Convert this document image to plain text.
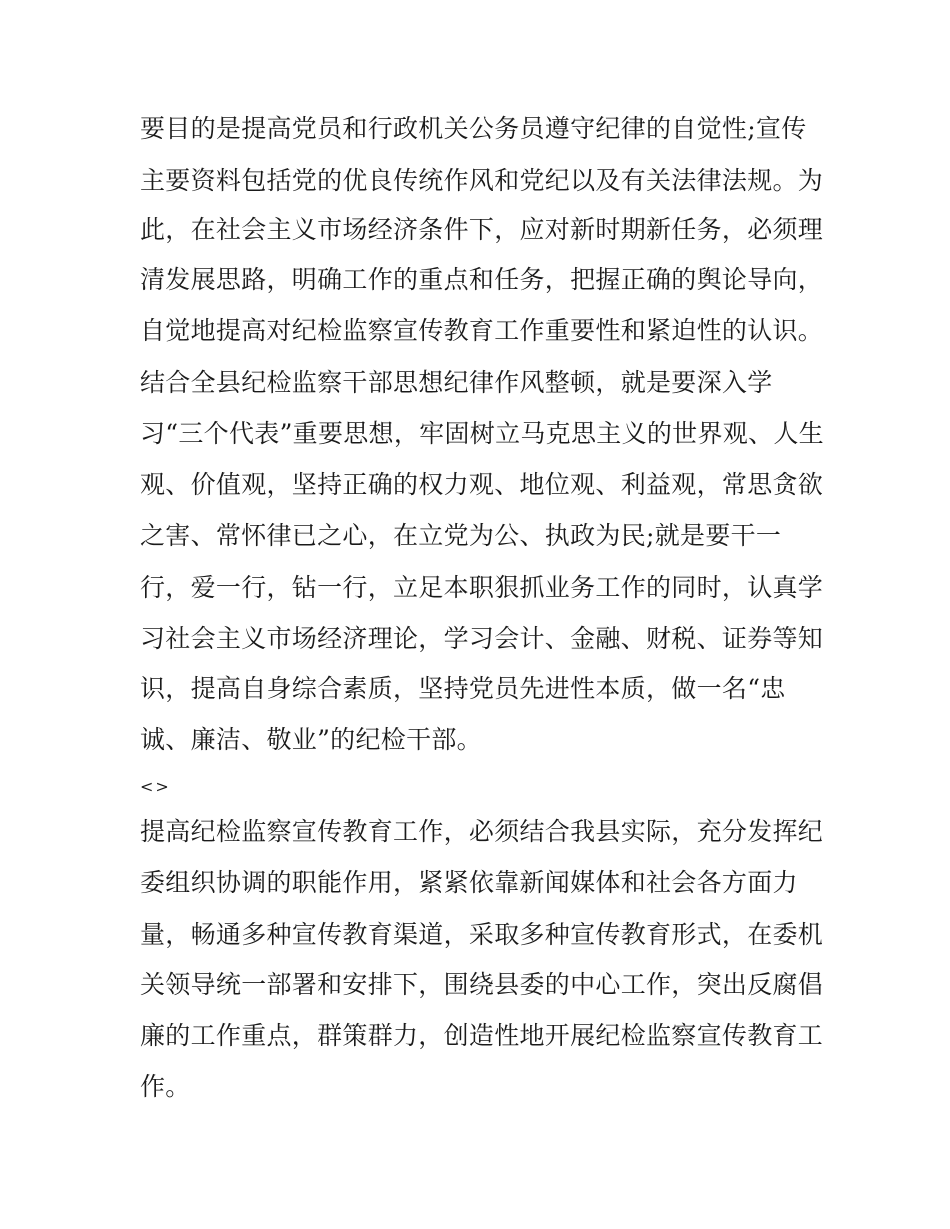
要目的是提高党员和行政机关公务员遵守纪律的自觉性;宣传
主要资料包括党的优良传统作风和党纪以及有关法律法规。为
此，在社会主义市场经济条件下，应对新时期新任务，必须理
清发展思路，明确工作的重点和任务，把握正确的舆论导向，
自觉地提高对纪检监察宣传教育工作重要性和紧迫性的认识。
结合全县纪检监察干部思想纪律作风整顿，就是要深入学
习“三个代表”重要思想，牢固树立马克思主义的世界观、人生
观、价值观，坚持正确的权力观、地位观、利益观，常思贪欲
之害、常怀律已之心，在立党为公、执政为民;就是要干一
行，爱一行，钻一行，立足本职狠抓业务工作的同时，认真学
习社会主义市场经济理论，学习会计、金融、财税、证券等知
识，提高自身综合素质，坚持党员先进性本质，做一名“忠
诚、廉洁、敬业”的纪检干部。
<>
提高纪检监察宣传教育工作，必须结合我县实际，充分发挥纪
委组织协调的职能作用，紧紧依靠新闻媒体和社会各方面力
量，畅通多种宣传教育渠道，采取多种宣传教育形式，在委机
关领导统一部署和安排下，围绕县委的中心工作，突出反腐倡
廉的工作重点，群策群力，创造性地开展纪检监察宣传教育工
作。
